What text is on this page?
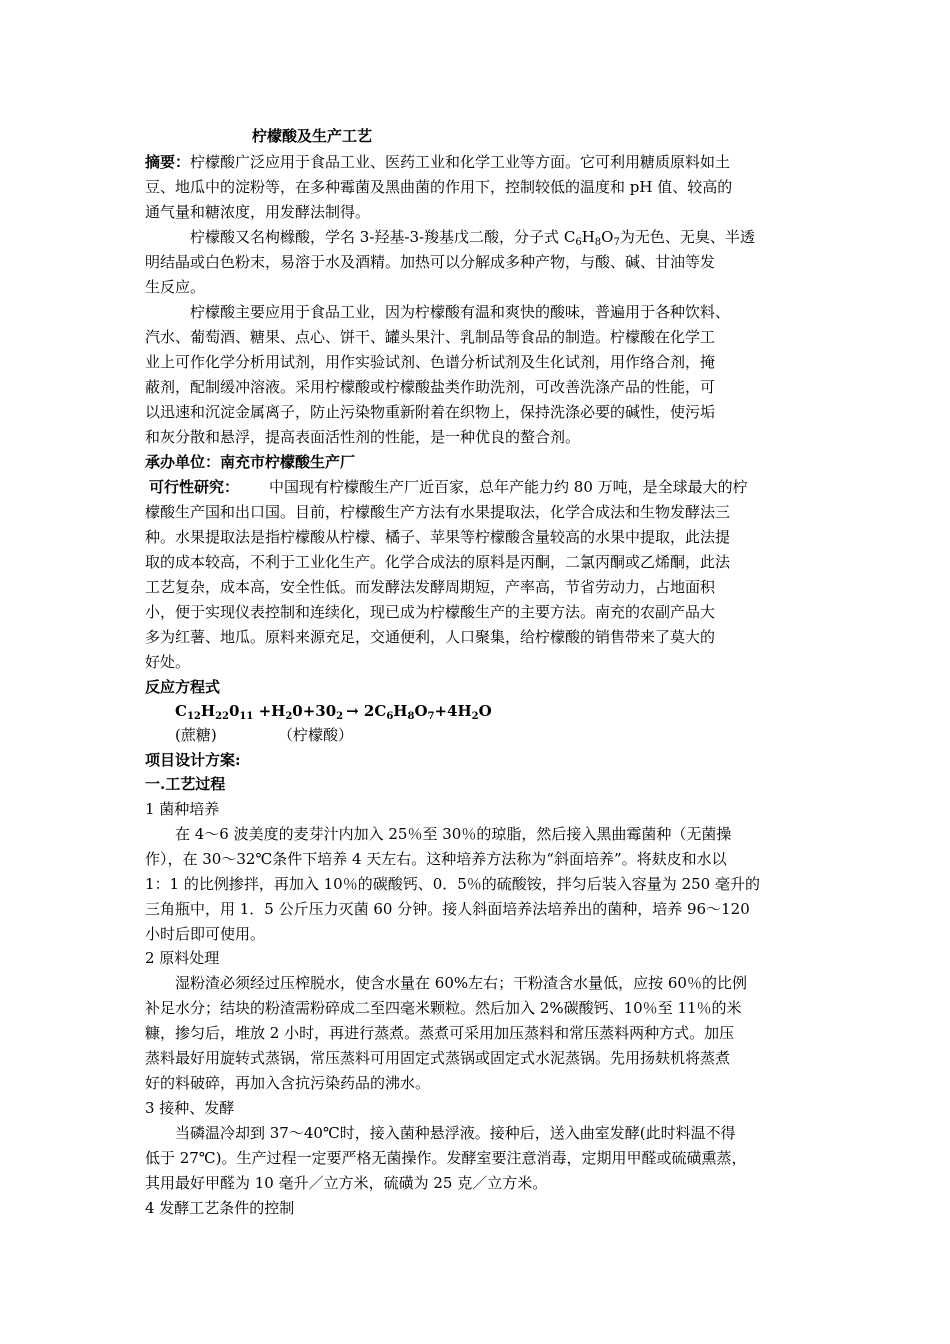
柠檬酸及生产工艺
摘要：柠檬酸广泛应用于食品工业、医药工业和化学工业等方面。它可利用糖质原料如土
豆、地瓜中的淀粉等，在多种霉菌及黑曲菌的作用下，控制较低的温度和 pH 值、较高的
通气量和糖浓度，用发酵法制得。
柠檬酸又名枸橼酸，学名 3-羟基-3-羧基戊二酸，分子式 $C_6H_8O_7$为无色、无臭、半透
明结晶或白色粉末，易溶于水及酒精。加热可以分解成多种产物，与酸、碱、甘油等发
生反应。
柠檬酸主要应用于食品工业，因为柠檬酸有温和爽快的酸味，普遍用于各种饮料、
汽水、葡萄酒、糖果、点心、饼干、罐头果汁、乳制品等食品的制造。柠檬酸在化学工
业上可作化学分析用试剂，用作实验试剂、色谱分析试剂及生化试剂，用作络合剂，掩
蔽剂，配制缓冲溶液。采用柠檬酸或柠檬酸盐类作助洗剂，可改善洗涤产品的性能，可
以迅速和沉淀金属离子，防止污染物重新附着在织物上，保持洗涤必要的碱性，使污垢
和灰分散和悬浮，提高表面活性剂的性能，是一种优良的螯合剂。
承办单位：南充市柠檬酸生产厂
可行性研究： 中国现有柠檬酸生产厂近百家，总年产能力约 80 万吨，是全球最大的柠
檬酸生产国和出口国。目前，柠檬酸生产方法有水果提取法，化学合成法和生物发酵法三
种。水果提取法是指柠檬酸从柠檬、橘子、苹果等柠檬酸含量较高的水果中提取，此法提
取的成本较高，不利于工业化生产。化学合成法的原料是丙酮，二氯丙酮或乙烯酮，此法
工艺复杂，成本高，安全性低。而发酵法发酵周期短，产率高，节省劳动力，占地面积
小，便于实现仪表控制和连续化，现已成为柠檬酸生产的主要方法。南充的农副产品大
多为红薯、地瓜。原料来源充足，交通便利，人口聚集，给柠檬酸的销售带来了莫大的
好处。
反应方程式
$C_{12}H_{22}0_{11} +H_20+30_2 \to 2C_6H_8O_7+4H_2O$
(蔗糖)	（柠檬酸）
项目设计方案:
一.工艺过程
1 菌种培养
在 4～6 波美度的麦芽汁内加入 25％至 30％的琼脂，然后接入黑曲霉菌种（无菌操
作），在 30～32℃条件下培养 4 天左右。这种培养方法称为“斜面培养”。将麸皮和水以
1：1 的比例掺拌，再加入 10％的碳酸钙、0．5％的硫酸铵，拌匀后装入容量为 250 毫升的
三角瓶中，用 1．5 公斤压力灭菌 60 分钟。接人斜面培养法培养出的菌种，培养 96～120
小时后即可使用。
2 原料处理
湿粉渣必须经过压榨脱水，使含水量在 60%左右；干粉渣含水量低，应按 60％的比例
补足水分；结块的粉渣需粉碎成二至四毫米颗粒。然后加入 2%碳酸钙、10％至 11％的米
糠，掺匀后，堆放 2 小时，再进行蒸煮。蒸煮可采用加压蒸料和常压蒸料两种方式。加压
蒸料最好用旋转式蒸锅，常压蒸料可用固定式蒸锅或固定式水泥蒸锅。先用扬麸机将蒸煮
好的料破碎，再加入含抗污染药品的沸水。
3 接种、发酵
当磷温冷却到 37～40℃时，接入菌种悬浮液。接种后，送入曲室发酵(此时料温不得
低于 27℃)。生产过程一定要严格无菌操作。发酵室要注意消毒，定期用甲醛或硫磺熏蒸，
其用最好甲醛为 10 毫升／立方米，硫磺为 25 克／立方米。
4 发酵工艺条件的控制
